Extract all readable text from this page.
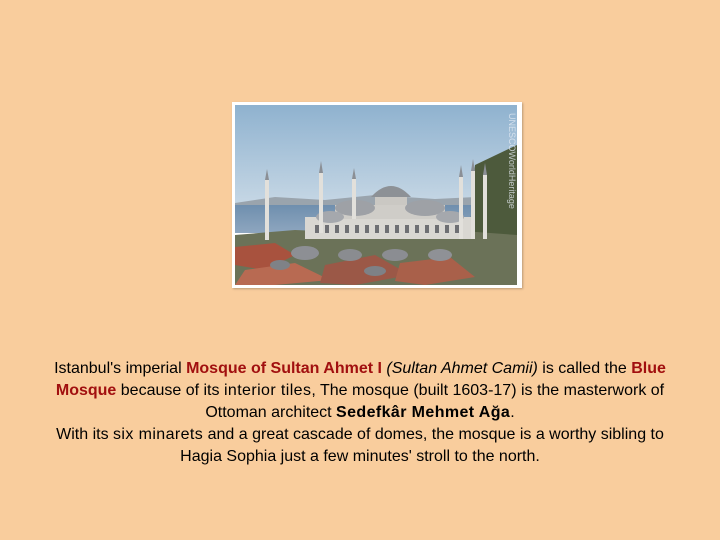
UNESCOWorldHeritage
Istanbul's imperial Mosque of Sultan Ahmet I (Sultan Ahmet Camii) is called the Blue Mosque because of its interior tiles, The mosque (built 1603-17) is the masterwork of Ottoman architect Sedefkâr Mehmet Ağa.
With its six minarets and a great cascade of domes, the mosque is a worthy sibling to Hagia Sophia just a few minutes' stroll to the north.
